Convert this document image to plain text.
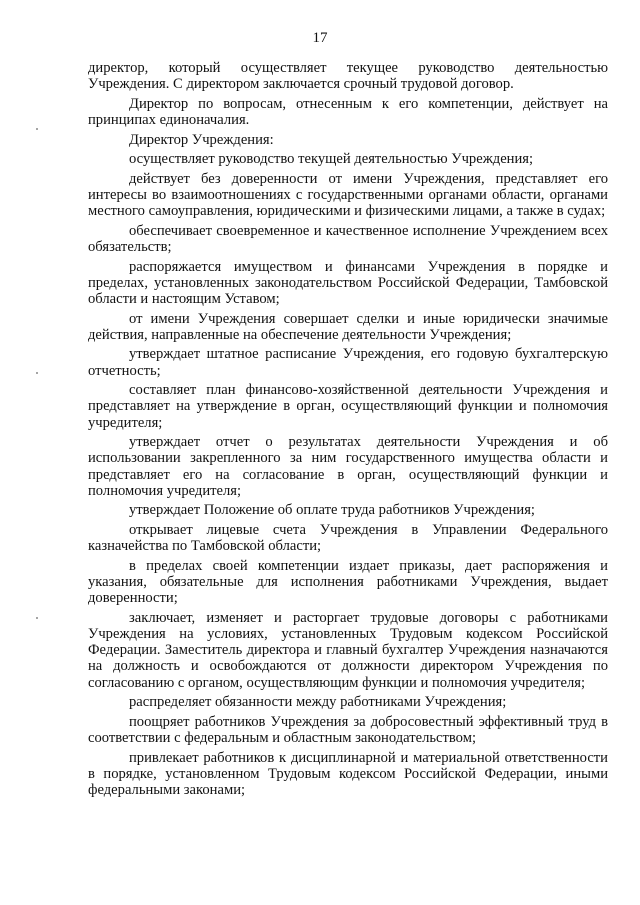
17

директор, который осуществляет текущее руководство деятельностью Учреждения. С директором заключается срочный трудовой договор.

Директор по вопросам, отнесенным к его компетенции, действует на принципах единоначалия.

Директор Учреждения:

осуществляет руководство текущей деятельностью Учреждения;

действует без доверенности от имени Учреждения, представляет его интересы во взаимоотношениях с государственными органами области, органами местного самоуправления, юридическими и физическими лицами, а также в судах;

обеспечивает своевременное и качественное исполнение Учреждением всех обязательств;

распоряжается имуществом и финансами Учреждения в порядке и пределах, установленных законодательством Российской Федерации, Тамбовской области и настоящим Уставом;

от имени Учреждения совершает сделки и иные юридически значимые действия, направленные на обеспечение деятельности Учреждения;

утверждает штатное расписание Учреждения, его годовую бухгалтерскую отчетность;

составляет план финансово-хозяйственной деятельности Учреждения и представляет на утверждение в орган, осуществляющий функции и полномочия учредителя;

утверждает отчет о результатах деятельности Учреждения и об использовании закрепленного за ним государственного имущества области и представляет его на согласование в орган, осуществляющий функции и полномочия учредителя;

утверждает Положение об оплате труда работников Учреждения;

открывает лицевые счета Учреждения в Управлении Федерального казначейства по Тамбовской области;

в пределах своей компетенции издает приказы, дает распоряжения и указания, обязательные для исполнения работниками Учреждения, выдает доверенности;

заключает, изменяет и расторгает трудовые договоры с работниками Учреждения на условиях, установленных Трудовым кодексом Российской Федерации. Заместитель директора и главный бухгалтер Учреждения назначаются на должность и освобождаются от должности директором Учреждения по согласованию с органом, осуществляющим функции и полномочия учредителя;

распределяет обязанности между работниками Учреждения;

поощряет работников Учреждения за добросовестный эффективный труд в соответствии с федеральным и областным законодательством;

привлекает работников к дисциплинарной и материальной ответственности в порядке, установленном Трудовым кодексом Российской Федерации, иными федеральными законами;
